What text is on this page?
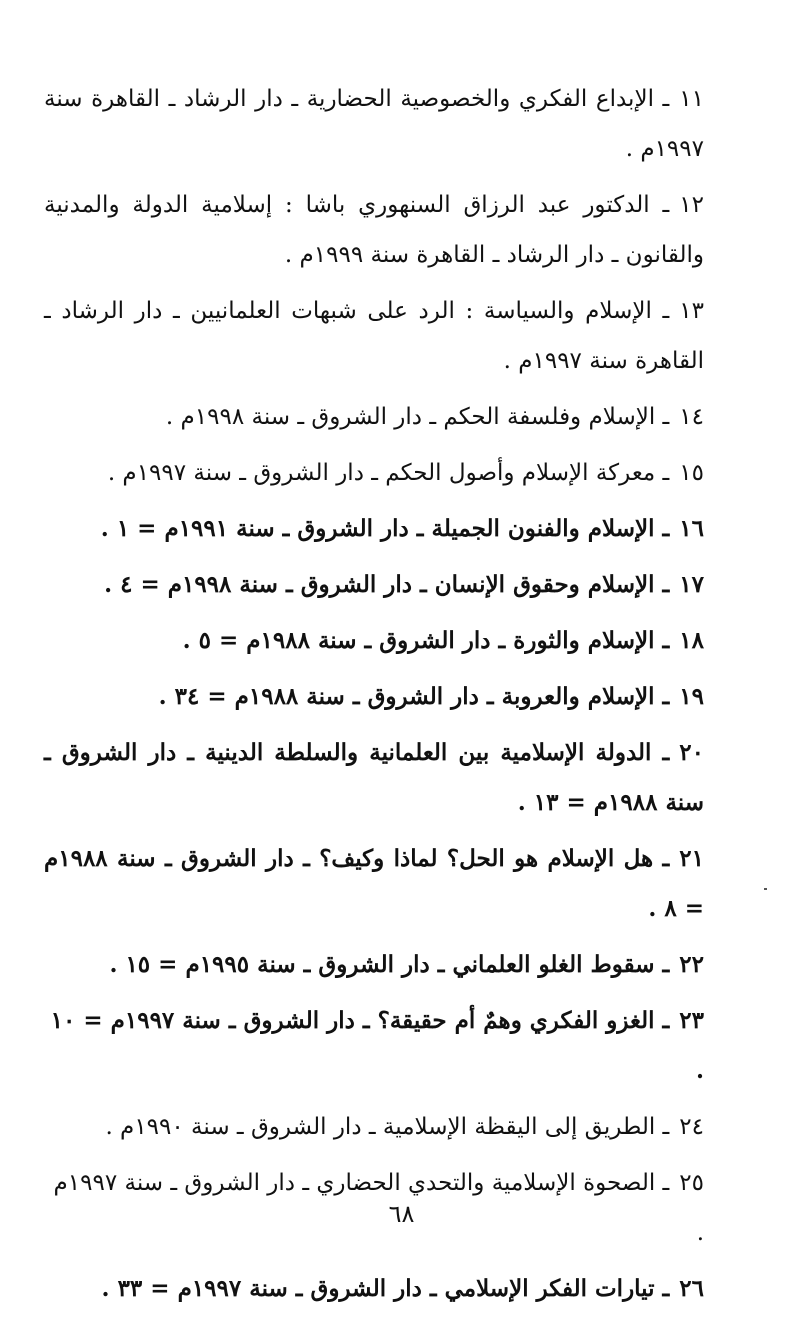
١١ـ الإبداع الفكري والخصوصية الحضارية ـ دار الرشاد ـ القاهرة سنة ١٩٩٧م .
١٢ـ الدكتور عبد الرزاق السنهوري باشا : إسلامية الدولة والمدنية والقانون ـ دار الرشاد ـ القاهرة سنة ١٩٩٩م .
١٣ـ الإسلام والسياسة : الرد على شبهات العلمانيين ـ دار الرشاد ـ القاهرة سنة ١٩٩٧م .
١٤ـ الإسلام وفلسفة الحكم ـ دار الشروق ـ سنة ١٩٩٨م .
١٥ـ معركة الإسلام وأصول الحكم ـ دار الشروق ـ سنة ١٩٩٧م .
١٦ـ الإسلام والفنون الجميلة ـ دار الشروق ـ سنة ١٩٩١م = ١ .
١٧ـ الإسلام وحقوق الإنسان ـ دار الشروق ـ سنة ١٩٩٨م = ٤ .
١٨ـ الإسلام والثورة ـ دار الشروق ـ سنة ١٩٨٨م = ٥ .
١٩ـ الإسلام والعروبة ـ دار الشروق ـ سنة ١٩٨٨م = ٣٤ .
٢٠ـ الدولة الإسلامية بين العلمانية والسلطة الدينية ـ دار الشروق ـ سنة ١٩٨٨م = ١٣ .
٢١ـ هل الإسلام هو الحل؟ لماذا وكيف؟ ـ دار الشروق ـ سنة ١٩٨٨م = ٨ .
٢٢ـ سقوط الغلو العلماني ـ دار الشروق ـ سنة ١٩٩٥م = ١٥ .
٢٣ـ الغزو الفكري وهمٌ أم حقيقة؟ ـ دار الشروق ـ سنة ١٩٩٧م = ١٠ .
٢٤ـ الطريق إلى اليقظة الإسلامية ـ دار الشروق ـ سنة ١٩٩٠م .
٢٥ـ الصحوة الإسلامية والتحدي الحضاري ـ دار الشروق ـ سنة ١٩٩٧م .
٢٦ـ تيارات الفكر الإسلامي ـ دار الشروق ـ سنة ١٩٩٧م = ٣٣ .
٦٨
